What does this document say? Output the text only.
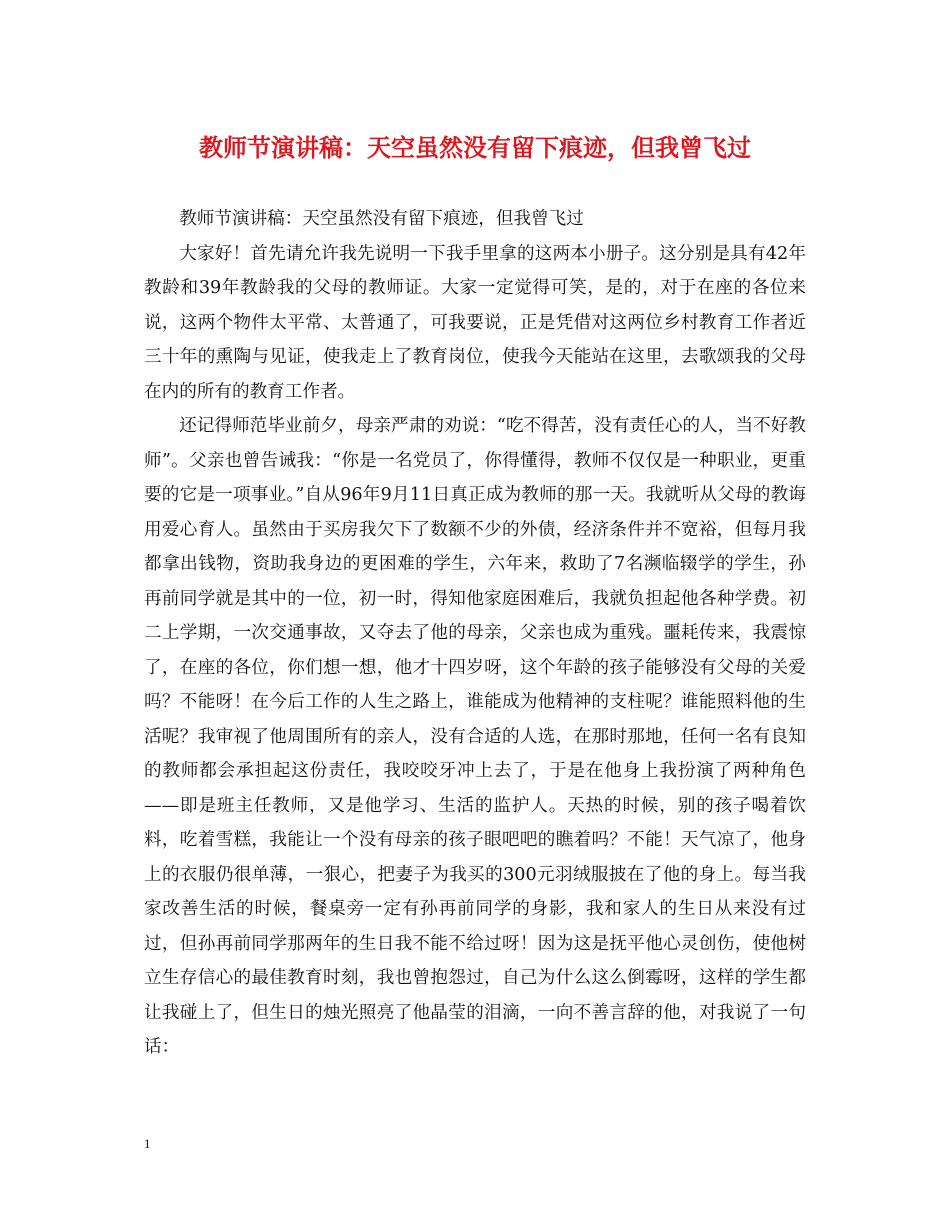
教师节演讲稿：天空虽然没有留下痕迹，但我曾飞过

教师节演讲稿：天空虽然没有留下痕迹，但我曾飞过

大家好！首先请允许我先说明一下我手里拿的这两本小册子。这分别是具有42年教龄和39年教龄我的父母的教师证。大家一定觉得可笑，是的，对于在座的各位来说，这两个物件太平常、太普通了，可我要说，正是凭借对这两位乡村教育工作者近三十年的熏陶与见证，使我走上了教育岗位，使我今天能站在这里，去歌颂我的父母在内的所有的教育工作者。

还记得师范毕业前夕，母亲严肃的劝说：“吃不得苦，没有责任心的人，当不好教师”。父亲也曾告诫我：“你是一名党员了，你得懂得，教师不仅仅是一种职业，更重要的它是一项事业。”自从96年9月11日真正成为教师的那一天。我就听从父母的教诲用爱心育人。虽然由于买房我欠下了数额不少的外债，经济条件并不宽裕，但每月我都拿出钱物，资助我身边的更困难的学生，六年来，救助了7名濒临辍学的学生，孙再前同学就是其中的一位，初一时，得知他家庭困难后，我就负担起他各种学费。初二上学期，一次交通事故，又夺去了他的母亲，父亲也成为重残。噩耗传来，我震惊了，在座的各位，你们想一想，他才十四岁呀，这个年龄的孩子能够没有父母的关爱吗？不能呀！在今后工作的人生之路上，谁能成为他精神的支柱呢？谁能照料他的生活呢？我审视了他周围所有的亲人，没有合适的人选，在那时那地，任何一名有良知的教师都会承担起这份责任，我咬咬牙冲上去了，于是在他身上我扮演了两种角色——即是班主任教师，又是他学习、生活的监护人。天热的时候，别的孩子喝着饮料，吃着雪糕，我能让一个没有母亲的孩子眼吧吧的瞧着吗？不能！天气凉了，他身上的衣服仍很单薄，一狠心，把妻子为我买的300元羽绒服披在了他的身上。每当我家改善生活的时候，餐桌旁一定有孙再前同学的身影，我和家人的生日从来没有过过，但孙再前同学那两年的生日我不能不给过呀！因为这是抚平他心灵创伤，使他树立生存信心的最佳教育时刻，我也曾抱怨过，自己为什么这么倒霉呀，这样的学生都让我碰上了，但生日的烛光照亮了他晶莹的泪滴，一向不善言辞的他，对我说了一句话：

1
